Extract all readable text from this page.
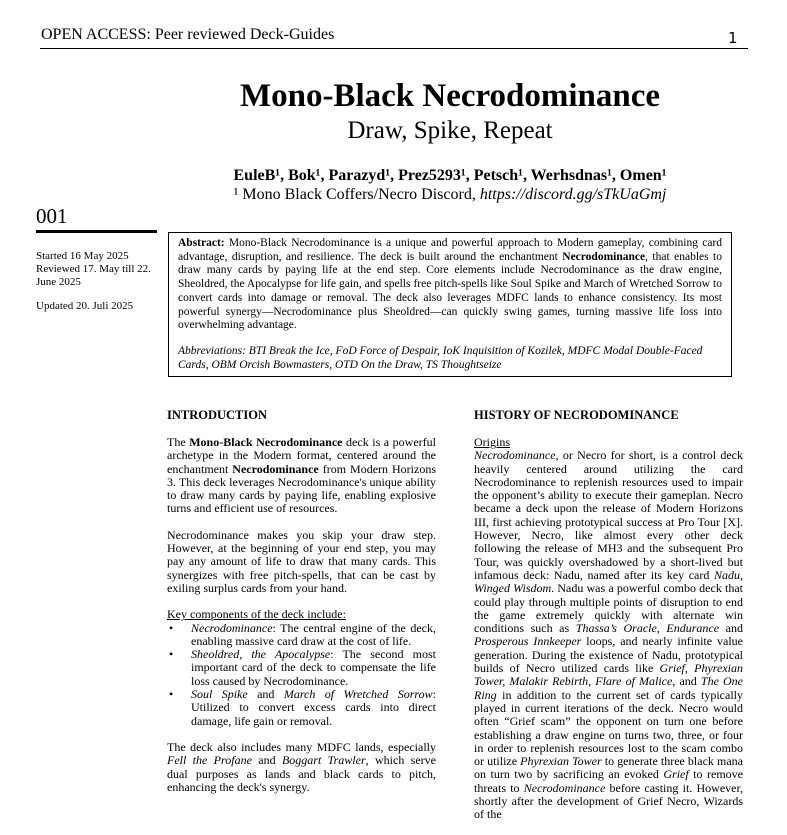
OPEN ACCESS: Peer reviewed Deck-Guides	1
Mono-Black Necrodominance
Draw, Spike, Repeat
EuleB¹, Bok¹, Parazyd¹, Prez5293¹, Petsch¹, Werhsdnas¹, Omen¹
¹ Mono Black Coffers/Necro Discord, https://discord.gg/sTkUaGmj
001
Started 16 May 2025
Reviewed 17. May till 22. June 2025
Updated 20. Juli 2025
Abstract: Mono-Black Necrodominance is a unique and powerful approach to Modern gameplay, combining card advantage, disruption, and resilience. The deck is built around the enchantment Necrodominance, that enables to draw many cards by paying life at the end step. Core elements include Necrodominance as the draw engine, Sheoldred, the Apocalypse for life gain, and spells free pitch-spells like Soul Spike and March of Wretched Sorrow to convert cards into damage or removal. The deck also leverages MDFC lands to enhance consistency. Its most powerful synergy—Necrodominance plus Sheoldred—can quickly swing games, turning massive life loss into overwhelming advantage.
Abbreviations: BTI Break the Ice, FoD Force of Despair, IoK Inquisition of Kozilek, MDFC Modal Double-Faced Cards, OBM Orcish Bowmasters, OTD On the Draw, TS Thoughtseize
INTRODUCTION

The Mono-Black Necrodominance deck is a powerful archetype in the Modern format, centered around the enchantment Necrodominance from Modern Horizons 3. This deck leverages Necrodominance's unique ability to draw many cards by paying life, enabling explosive turns and efficient use of resources.

Necrodominance makes you skip your draw step. However, at the beginning of your end step, you may pay any amount of life to draw that many cards. This synergizes with free pitch-spells, that can be cast by exiling surplus cards from your hand.

Key components of the deck include:
• Necrodominance: The central engine of the deck, enabling massive card draw at the cost of life.
• Sheoldred, the Apocalypse: The second most important card of the deck to compensate the life loss caused by Necrodominance.
• Soul Spike and March of Wretched Sorrow: Utilized to convert excess cards into direct damage, life gain or removal.

The deck also includes many MDFC lands, especially Fell the Profane and Boggart Trawler, which serve dual purposes as lands and black cards to pitch, enhancing the deck's synergy.

HISTORY OF NECRODOMINANCE
Origins

Necrodominance, or Necro for short, is a control deck heavily centered around utilizing the card Necrodominance to replenish resources used to impair the opponent’s ability to execute their gameplan. Necro became a deck upon the release of Modern Horizons III, first achieving prototypical success at Pro Tour [X]. However, Necro, like almost every other deck following the release of MH3 and the subsequent Pro Tour, was quickly overshadowed by a short-lived but infamous deck: Nadu, named after its key card Nadu, Winged Wisdom. Nadu was a powerful combo deck that could play through multiple points of disruption to end the game extremely quickly with alternate win conditions such as Thassa’s Oracle, Endurance and Prosperous Innkeeper loops, and nearly infinite value generation. During the existence of Nadu, prototypical builds of Necro utilized cards like Grief, Phyrexian Tower, Malakir Rebirth, Flare of Malice, and The One Ring in addition to the current set of cards typically played in current iterations of the deck. Necro would often “Grief scam” the opponent on turn one before establishing a draw engine on turns two, three, or four in order to replenish resources lost to the scam combo or utilize Phyrexian Tower to generate three black mana on turn two by sacrificing an evoked Grief to remove threats to Necrodominance before casting it. However, shortly after the development of Grief Necro, Wizards of the
